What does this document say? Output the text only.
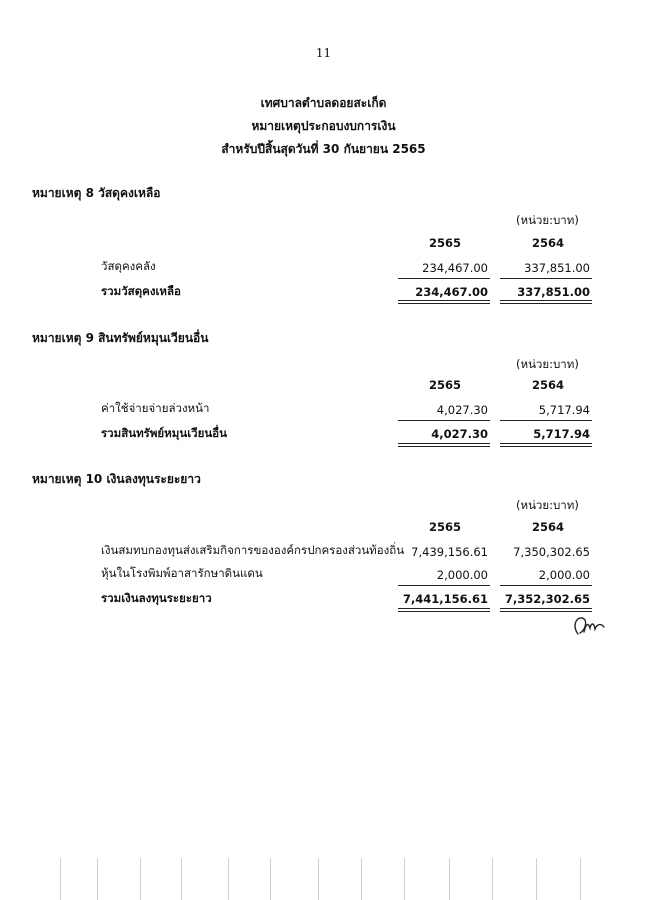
11
เทศบาลตำบลดอยสะเก็ด
หมายเหตุประกอบงบการเงิน
สำหรับปีสิ้นสุดวันที่ 30 กันยายน 2565
หมายเหตุ 8 วัสดุคงเหลือ
(หน่วย:บาท)
2565	2564
วัสดุคงคลัง	234,467.00	337,851.00
รวมวัสดุคงเหลือ	234,467.00	337,851.00
หมายเหตุ 9 สินทรัพย์หมุนเวียนอื่น
(หน่วย:บาท)
2565	2564
ค่าใช้จ่ายจ่ายล่วงหน้า	4,027.30	5,717.94
รวมสินทรัพย์หมุนเวียนอื่น	4,027.30	5,717.94
หมายเหตุ 10 เงินลงทุนระยะยาว
(หน่วย:บาท)
2565	2564
เงินสมทบกองทุนส่งเสริมกิจการขององค์กรปกครองส่วนท้องถิ่น 7,439,156.61	7,350,302.65
หุ้นในโรงพิมพ์อาสารักษาดินแดน	2,000.00	2,000.00
รวมเงินลงทุนระยะยาว	7,441,156.61	7,352,302.65
